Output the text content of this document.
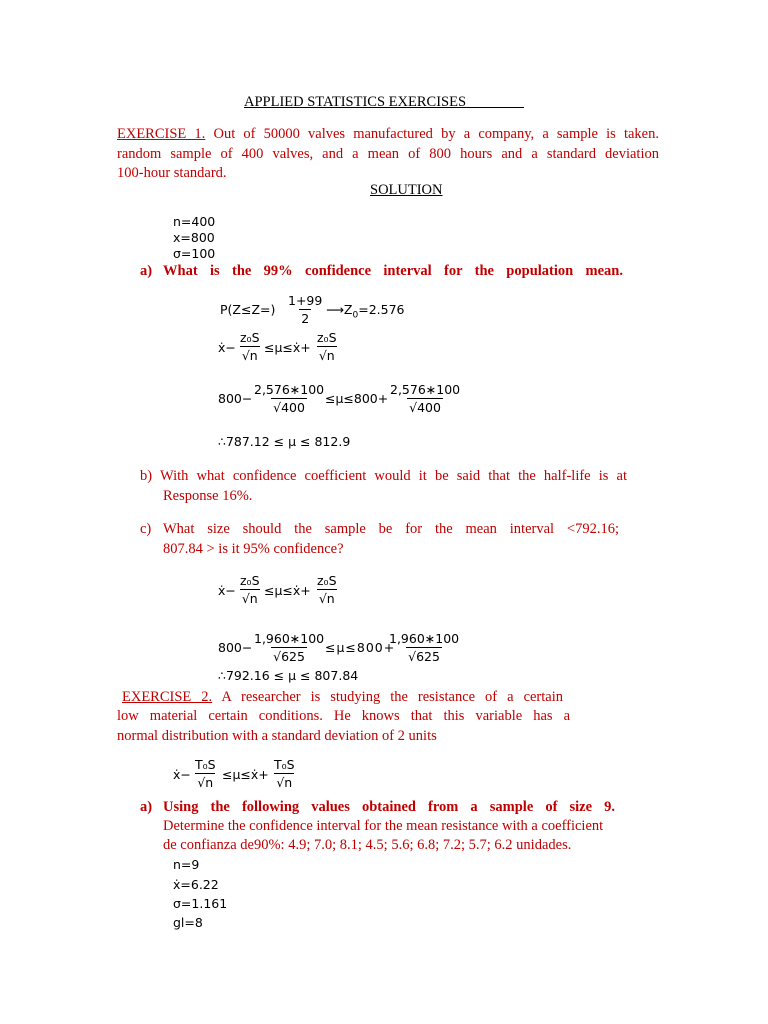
APPLIED STATISTICS EXERCISES
EXERCISE 1. Out of 50000 valves manufactured by a company, a sample is taken.
random sample of 400 valves, and a mean of 800 hours and a standard deviation
100-hour standard.
SOLUTION
n=400
x=800
σ=100
a) What is the 99% confidence interval for the population mean.
$P(Z\le Z=) \frac{1+99}{2}$ $⟶Z_0=2.576$
ẋ− $\frac{\text{z₀S}}{√n}$ ≤μ≤ẋ+ $\frac{\text{z₀S}}{√n}$
$800- \frac{2,576∗100}{√400}$
$\le\mu\le 800+ \frac{2,576∗100}{√400}$
∴787.12 ≤ μ ≤ 812.9
b) With what confidence coefficient would it be said that the half-life is at
Response 16%.
c) What size should the sample be for the mean interval <792.16;
807.84 > is it 95% confidence?
ẋ− $\frac{\text{z₀S}}{√n}$ ≤μ≤ẋ+ $\frac{\text{z₀S}}{√n}$
$800- \frac{1,960∗100}{√625}$
≤μ≤800+
$\frac{1,960∗100}{√625}$
∴792.16 ≤ μ ≤ 807.84
EXERCISE 2. A researcher is studying the resistance of a certain
low material certain conditions. He knows that this variable has a
normal distribution with a standard deviation of 2 units
ẋ− $\frac{\text{T₀S}}{√n}$ ≤μ≤ẋ+ $\frac{\text{T₀S}}{√n}$
a) Using the following values obtained from a sample of size 9.
Determine the confidence interval for the mean resistance with a coefficient
de confianza de90%: 4.9; 7.0; 8.1; 4.5; 5.6; 6.8; 7.2; 5.7; 6.2 unidades.
n=9
ẋ=6.22
σ=1.161
gl=8
